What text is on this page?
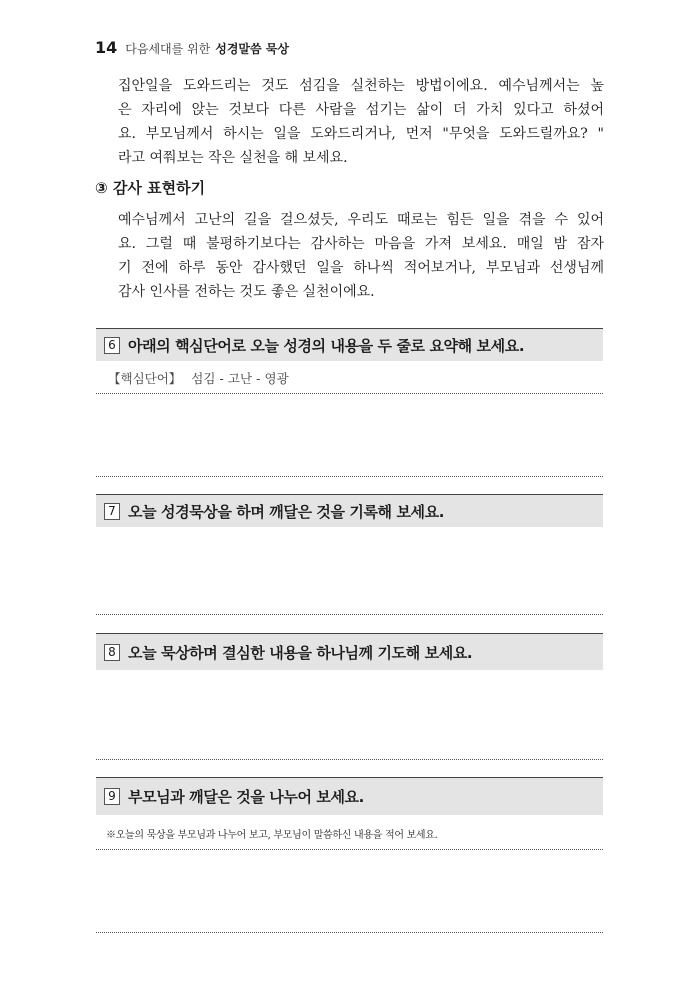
14 다음세대를 위한 성경말씀 묵상

집안일을 도와드리는 것도 섬김을 실천하는 방법이에요. 예수님께서는 높
은 자리에 앉는 것보다 다른 사람을 섬기는 삶이 더 가치 있다고 하셨어
요. 부모님께서 하시는 일을 도와드리거나, 먼저 "무엇을 도와드릴까요? "
라고 여쭤보는 작은 실천을 해 보세요.

③ 감사 표현하기

예수님께서 고난의 길을 걸으셨듯, 우리도 때로는 힘든 일을 겪을 수 있어
요. 그럴 때 불평하기보다는 감사하는 마음을 가져 보세요. 매일 밤 잠자
기 전에 하루 동안 감사했던 일을 하나씩 적어보거나, 부모님과 선생님께
감사 인사를 전하는 것도 좋은 실천이에요.

6 아래의 핵심단어로 오늘 성경의 내용을 두 줄로 요약해 보세요.
【핵심단어】 섬김 - 고난 - 영광
7 오늘 성경묵상을 하며 깨달은 것을 기록해 보세요.
8 오늘 묵상하며 결심한 내용을 하나님께 기도해 보세요.
9 부모님과 깨달은 것을 나누어 보세요.
※오늘의 묵상을 부모님과 나누어 보고, 부모님이 말씀하신 내용을 적어 보세요.
